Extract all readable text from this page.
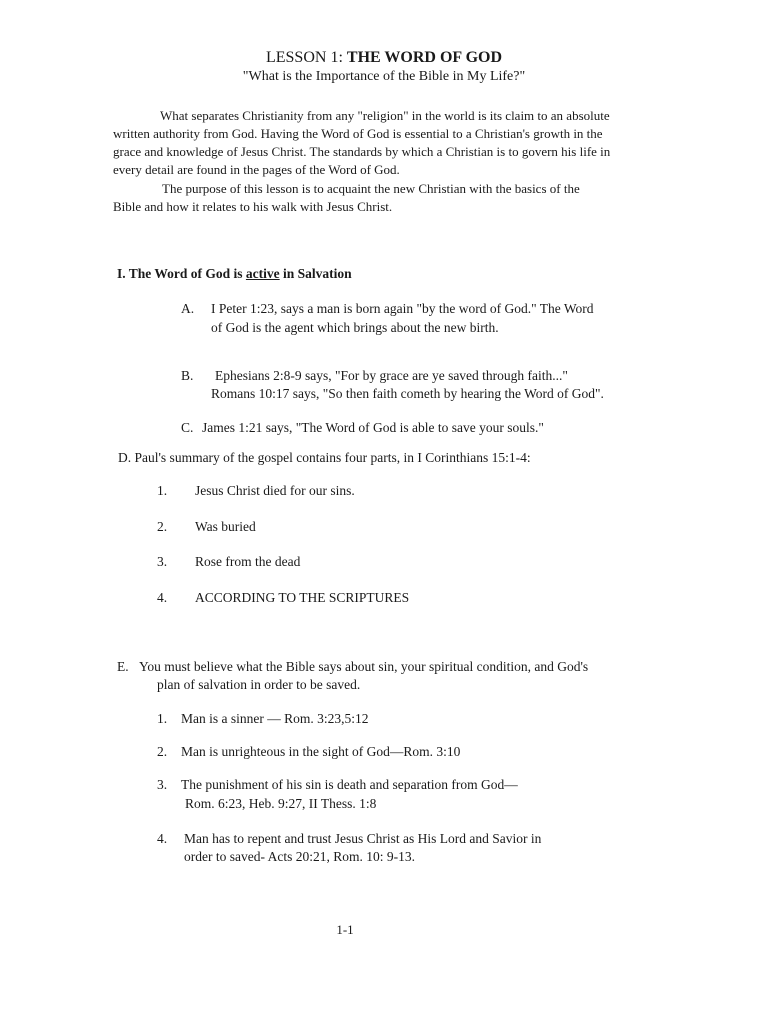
LESSON 1: THE WORD OF GOD
"What is the Importance of the Bible in My Life?"
What separates Christianity from any "religion" in the world is its claim to an absolute
written authority from God. Having the Word of God is essential to a Christian's growth in the
grace and knowledge of Jesus Christ. The standards by which a Christian is to govern his life in
every detail are found in the pages of the Word of God.
The purpose of this lesson is to acquaint the new Christian with the basics of the
Bible and how it relates to his walk with Jesus Christ.
I. The Word of God is active in Salvation
A. I Peter 1:23, says a man is born again "by the word of God." The Word
of God is the agent which brings about the new birth.
B. Ephesians 2:8-9 says, "For by grace are ye saved through faith..."
Romans 10:17 says, "So then faith cometh by hearing the Word of God".
C. James 1:21 says, "The Word of God is able to save your souls."
D. Paul's summary of the gospel contains four parts, in I Corinthians 15:1-4:
1. Jesus Christ died for our sins.
2. Was buried
3. Rose from the dead
4. ACCORDING TO THE SCRIPTURES
E. You must believe what the Bible says about sin, your spiritual condition, and God's
plan of salvation in order to be saved.
1. Man is a sinner — Rom. 3:23,5:12
2. Man is unrighteous in the sight of God—Rom. 3:10
3. The punishment of his sin is death and separation from God—
Rom. 6:23, Heb. 9:27, II Thess. 1:8
4. Man has to repent and trust Jesus Christ as His Lord and Savior in
order to saved- Acts 20:21, Rom. 10: 9-13.
1-1
